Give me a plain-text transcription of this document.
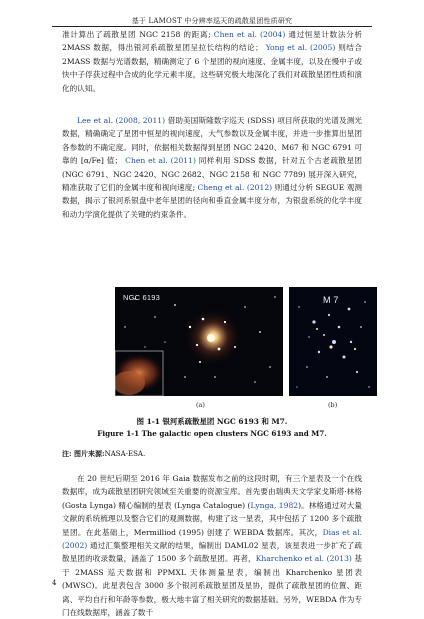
基于 LAMOST 中分辨率巡天的疏散星团性质研究

准计算出了疏散星团 NGC 2158 的距离; Chen et al. (2004) 通过恒星计数法分析 2MASS 数据，得出银河系疏散星团呈拉长结构的结论； Yong et al. (2005) 则结合 2MASS 数据与光谱数据，精确测定了 6 个星团的视向速度、金属丰度，以及在慢中子或快中子俘获过程中合成的化学元素丰度，这些研究极大地深化了我们对疏散星团性质和演化的认知。

Lee et al. (2008, 2011) 借助美国斯隆数字巡天 (SDSS) 项目所获取的光谱及测光数据，精确确定了星团中恒星的视向速度，大气参数以及金属丰度，并进一步推算出星团各参数的不确定度。同时，依据相关数据得到星团 NGC 2420、M67 和 NGC 6791 可靠的 [α/Fe] 值； Chen et al. (2011) 同样利用 SDSS 数据，针对五个古老疏散星团 (NGC 6791、NGC 2420、NGC 2682、NGC 2158 和 NGC 7789) 展开深入研究，精准获取了它们的金属丰度和视向速度; Cheng et al. (2012) 则通过分析 SEGUE 观测数据，揭示了银河系银盘中老年星团的径向和垂直金属丰度分布，为银盘系统的化学丰度和动力学演化提供了关键的约束条件。

NGC 6193	M 7
(a)	(b)
图 1-1 银河系疏散星团 NGC 6193 和 M7.
Figure 1-1 The galactic open clusters NGC 6193 and M7.
注: 图片来源:NASA-ESA.

在 20 世纪后期至 2016 年 Gaia 数据发布之前的这段时期，有三个星表及一个在线数据库，成为疏散星团研究领域至关重要的资源宝库。首先要由瑞典天文学家戈斯塔·林格 (Gosta Lynga) 精心编制的星表 (Lynga Catalogue) (Lynga, 1982)。林格通过对大量文献的系统梳理以及整合它们的观测数据，构建了这一星表，其中包括了 1200 多个疏散星团。在此基础上，Mermilliod (1995) 创建了 WEBDA 数据库。其次，Dias et al. (2002) 通过汇集整理相关文献的结果，编制出 DAML02 星表，该星表进一步扩充了疏散星团的收录数量，涵盖了 1500 多个疏散星团。再者，Kharchenko et al. (2013) 基于 2MASS 巡天数据和 PPMXL 天体测量星表，编制出 Kharchenko 星团表 (MWSC)。此星表包含 3000 多个银河系疏散星团及星协，提供了疏散星团的位置、距离、平均自行和年龄等参数，极大地丰富了相关研究的数据基础。另外，WEBDA 作为专门在线数据库，涵盖了数千

4
